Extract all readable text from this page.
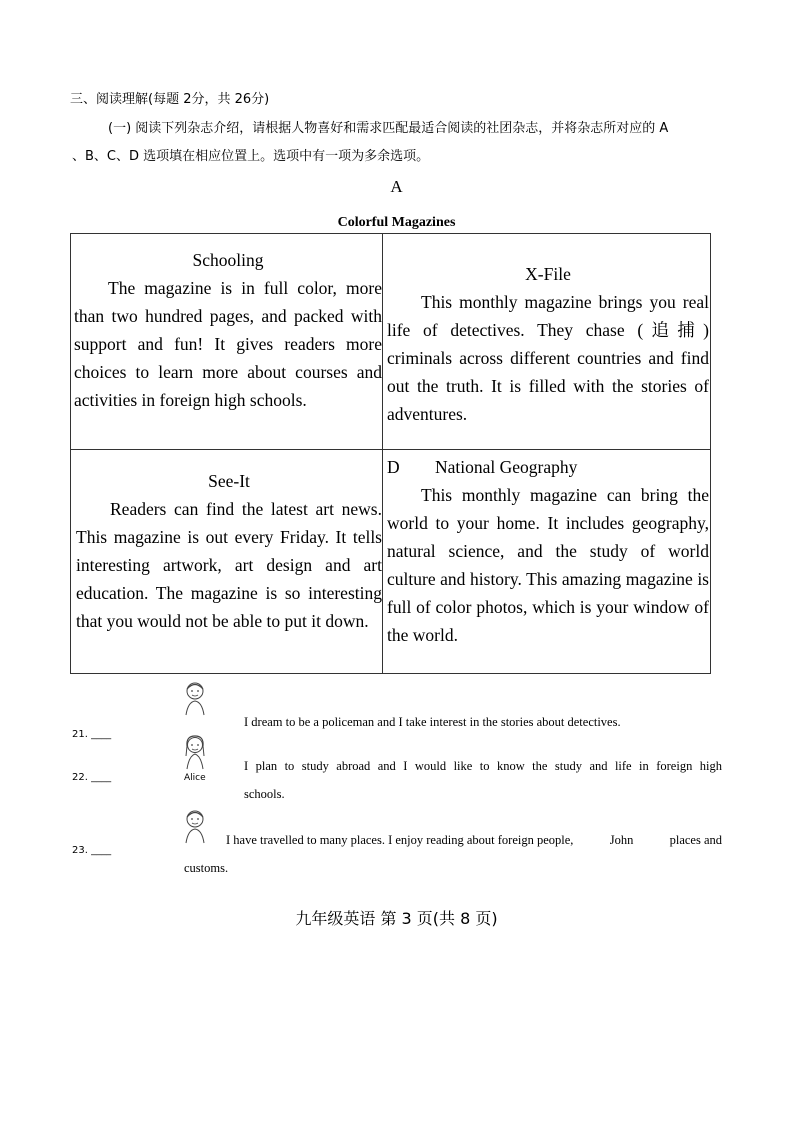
三、阅读理解(每题 2分，共 26分)
(一) 阅读下列杂志介绍，请根据人物喜好和需求匹配最适合阅读的社团杂志，并将杂志所对应的 A
、B、C、D 选项填在相应位置上。选项中有一项为多余选项。
A
Colorful Magazines
Schooling

The magazine is in full color, more than two hundred pages, and packed with support and fun! It gives readers more choices to learn more about courses and activities in foreign high schools.

X-File

This monthly magazine brings you real life of detectives. They chase (追捕) criminals across different countries and find out the truth. It is filled with the stories of adventures.

See-It

Readers can find the latest art news. This magazine is out every Friday. It tells interesting artwork, art design and art education. The magazine is so interesting that you would not be able to put it down.

D National Geography

This monthly magazine can bring the world to your home. It includes geography, natural science, and the study of world culture and history. This amazing magazine is full of color photos, which is your window of the world.

I dream to be a policeman and I take interest in the stories about detectives.
21. ____
Alice
I plan to study abroad and I would like to know the study and life in foreign high
schools.
22. ____
I have travelled to many places. I enjoy reading about foreign people,	John	places and
customs.
23. ____
九年级英语 第 3 页(共 8 页)
